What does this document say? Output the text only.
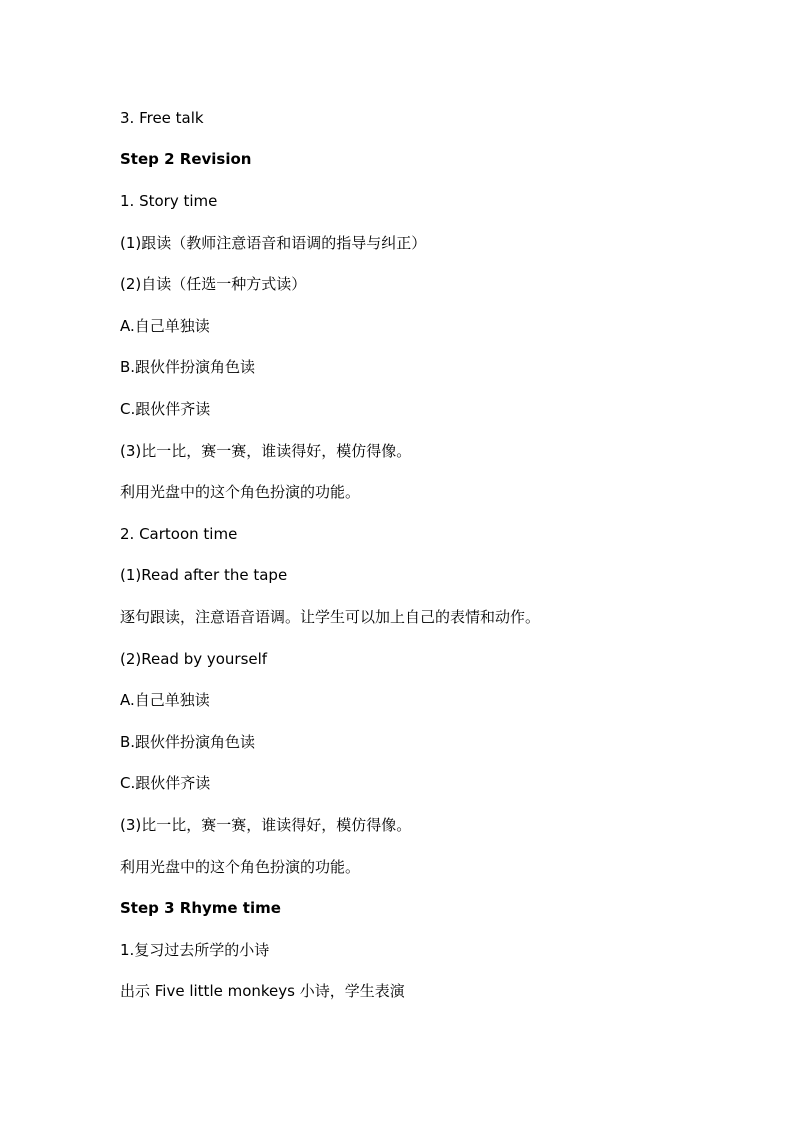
3. Free talk
Step 2 Revision
1. Story time
(1)跟读（教师注意语音和语调的指导与纠正）
(2)自读（任选一种方式读）
A.自己单独读
B.跟伙伴扮演角色读
C.跟伙伴齐读
(3)比一比，赛一赛，谁读得好，模仿得像。
利用光盘中的这个角色扮演的功能。
2. Cartoon time
(1)Read after the tape
逐句跟读，注意语音语调。让学生可以加上自己的表情和动作。
(2)Read by yourself
A.自己单独读
B.跟伙伴扮演角色读
C.跟伙伴齐读
(3)比一比，赛一赛，谁读得好，模仿得像。
利用光盘中的这个角色扮演的功能。
Step 3 Rhyme time
1.复习过去所学的小诗
出示 Five little monkeys 小诗，学生表演
